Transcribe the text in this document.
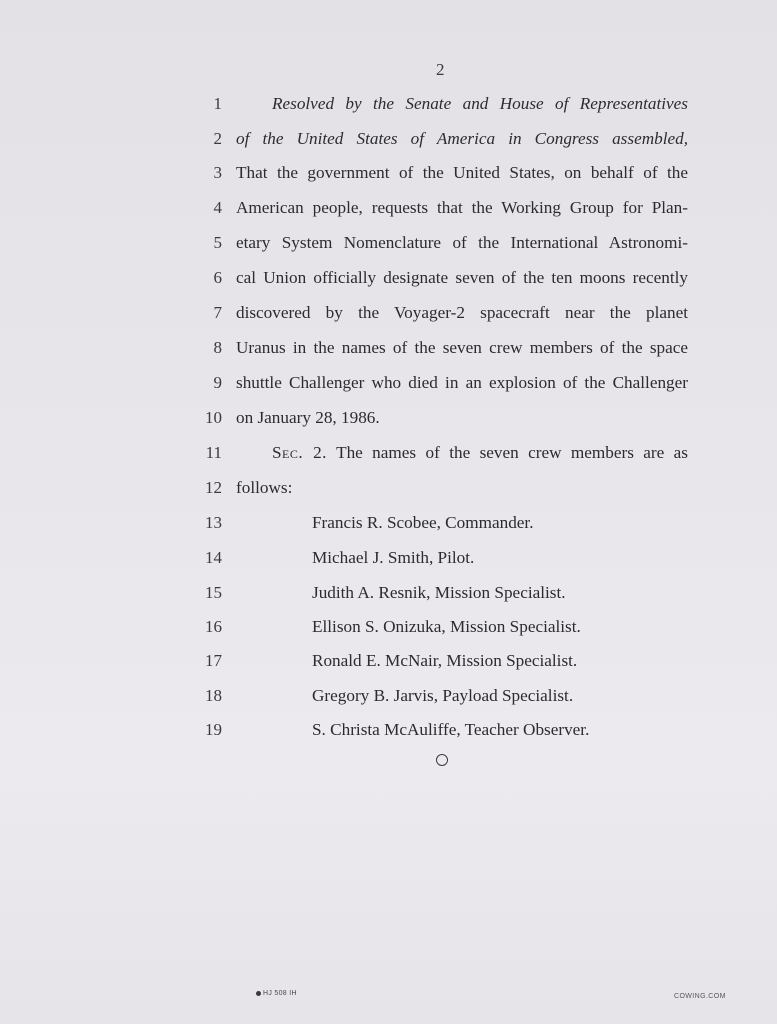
2
1	Resolved by the Senate and House of Representatives
2 of the United States of America in Congress assembled,
3 That the government of the United States, on behalf of the
4 American people, requests that the Working Group for Plan-
5 etary System Nomenclature of the International Astronomi-
6 cal Union officially designate seven of the ten moons recently
7 discovered by the Voyager-2 spacecraft near the planet
8 Uranus in the names of the seven crew members of the space
9 shuttle Challenger who died in an explosion of the Challenger
10 on January 28, 1986.
11	Sec. 2. The names of the seven crew members are as
12 follows:
13	Francis R. Scobee, Commander.
14	Michael J. Smith, Pilot.
15	Judith A. Resnik, Mission Specialist.
16	Ellison S. Onizuka, Mission Specialist.
17	Ronald E. McNair, Mission Specialist.
18	Gregory B. Jarvis, Payload Specialist.
19	S. Christa McAuliffe, Teacher Observer.
HJ 508 IH	COWING.COM
